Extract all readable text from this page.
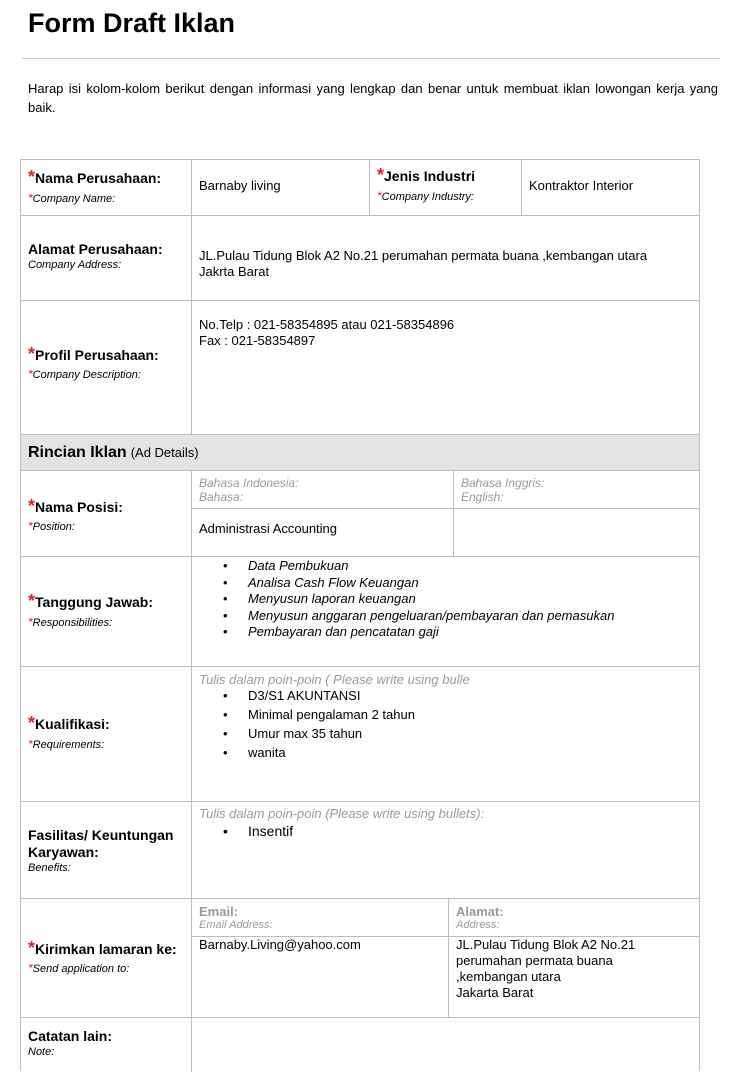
Form Draft Iklan

Harap isi kolom-kolom berikut dengan informasi yang lengkap dan benar untuk membuat iklan lowongan kerja yang baik.

*Nama Perusahaan:
*Company Name:
Barnaby living
*Jenis Industri
*Company Industry:
Kontraktor Interior
Alamat Perusahaan:
Company Address:
JL.Pulau Tidung Blok A2 No.21 perumahan permata buana ,kembangan utara
Jakrta Barat
*Profil Perusahaan:
*Company Description:
No.Telp : 021-58354895 atau 021-58354896
Fax : 021-58354897
Rincian Iklan (Ad Details)
*Nama Posisi:
*Position:
Bahasa Indonesia:
Bahasa:
Bahasa Inggris:
English:
Administrasi Accounting
*Tanggung Jawab:
*Responsibilities:
• Data Pembukuan
• Analisa Cash Flow Keuangan
• Menyusun laporan keuangan
• Menyusun anggaran pengeluaran/pembayaran dan pemasukan
• Pembayaran dan pencatatan gaji
*Kualifikasi:
*Requirements:
Tulis dalam poin-poin ( Please write using bulle
• D3/S1 AKUNTANSI
• Minimal pengalaman 2 tahun
• Umur max 35 tahun
• wanita
Fasilitas/ Keuntungan Karyawan:
Benefits:
Tulis dalam poin-poin (Please write using bullets):
• Insentif
*Kirimkan lamaran ke:
*Send application to:
Email:
Email Address:
Alamat:
Address:
Barnaby.Living@yahoo.com	JL.Pulau Tidung Blok A2 No.21
perumahan permata buana
,kembangan utara
Jakarta Barat
Catatan lain:
Note:
